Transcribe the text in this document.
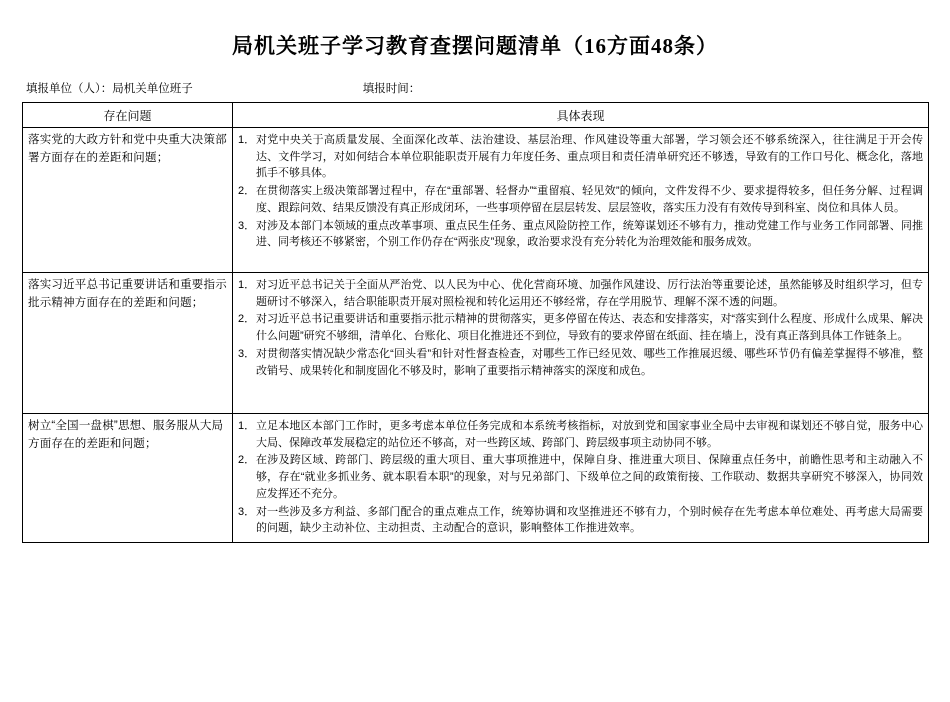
局机关班子学习教育查摆问题清单（16方面48条）
填报单位（人）：局机关单位班子	填报时间：
存在问题	具体表现
落实党的大政方针和党中央重大决策部署方面存在的差距和问题；	
1． 对党中央关于高质量发展、全面深化改革、法治建设、基层治理、作风建设等重大部署，学习领会还不够系统深入，往往满足于开会传达、文件学习，对如何结合本单位职能职责开展有力年度任务、重点项目和责任清单研究还不够透，导致有的工作口号化、概念化，落地抓手不够具体。
2． 在贯彻落实上级决策部署过程中，存在“重部署、轻督办”“重留痕、轻见效”的倾向，文件发得不少、要求提得较多，但任务分解、过程调度、跟踪问效、结果反馈没有真正形成闭环，一些事项停留在层层转发、层层签收，落实压力没有有效传导到科室、岗位和具体人员。
3． 对涉及本部门本领域的重点改革事项、重点民生任务、重点风险防控工作，统筹谋划还不够有力，推动党建工作与业务工作同部署、同推进、同考核还不够紧密，个别工作仍存在“两张皮”现象，政治要求没有充分转化为治理效能和服务成效。

落实习近平总书记重要讲话和重要指示批示精神方面存在的差距和问题；	
1． 对习近平总书记关于全面从严治党、以人民为中心、优化营商环境、加强作风建设、厉行法治等重要论述，虽然能够及时组织学习，但专题研讨不够深入，结合职能职责开展对照检视和转化运用还不够经常，存在学用脱节、理解不深不透的问题。
2． 对习近平总书记重要讲话和重要指示批示精神的贯彻落实，更多停留在传达、表态和安排落实，对“落实到什么程度、形成什么成果、解决什么问题”研究不够细，清单化、台账化、项目化推进还不到位，导致有的要求停留在纸面、挂在墙上，没有真正落到具体工作链条上。
3． 对贯彻落实情况缺少常态化“回头看”和针对性督查检查，对哪些工作已经见效、哪些工作推展迟缓、哪些环节仍有偏差掌握得不够准，整改销号、成果转化和制度固化不够及时，影响了重要指示精神落实的深度和成色。

树立“全国一盘棋”思想、服务服从大局方面存在的差距和问题；	
1． 立足本地区本部门工作时，更多考虑本单位任务完成和本系统考核指标，对放到党和国家事业全局中去审视和谋划还不够自觉，服务中心大局、保障改革发展稳定的站位还不够高，对一些跨区域、跨部门、跨层级事项主动协同不够。
2． 在涉及跨区域、跨部门、跨层级的重大项目、重大事项推进中，保障自身、推进重大项目、保障重点任务中，前瞻性思考和主动融入不够，存在“就业多抓业务、就本职看本职”的现象，对与兄弟部门、下级单位之间的政策衔接、工作联动、数据共享研究不够深入，协同效应发挥还不充分。
3． 对一些涉及多方利益、多部门配合的重点难点工作，统筹协调和攻坚推进还不够有力，个别时候存在先考虑本单位难处、再考虑大局需要的问题，缺少主动补位、主动担责、主动配合的意识，影响整体工作推进效率。
